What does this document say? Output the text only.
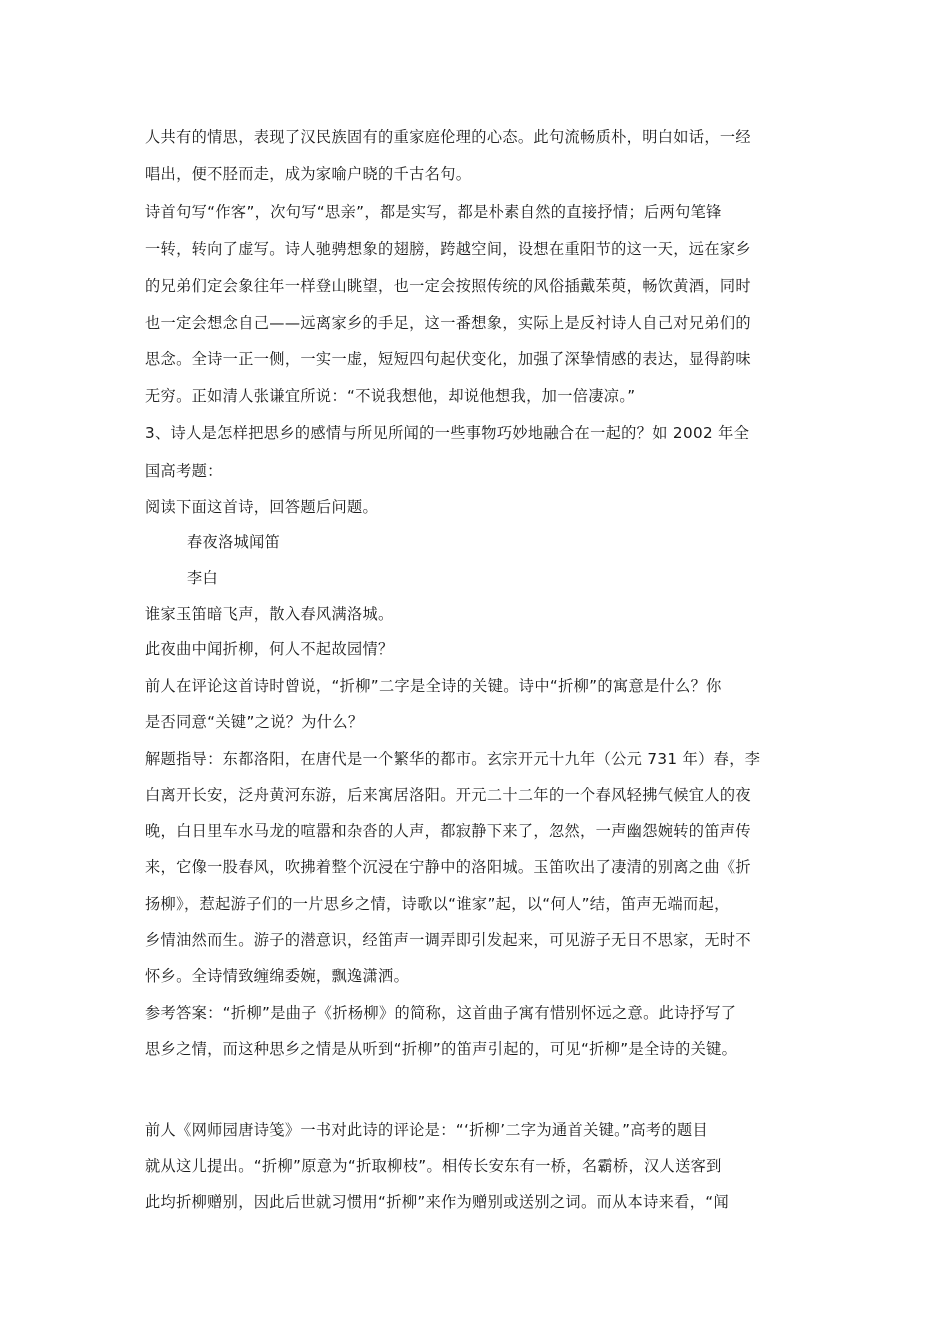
人共有的情思，表现了汉民族固有的重家庭伦理的心态。此句流畅质朴，明白如话，一经
唱出，便不胫而走，成为家喻户晓的千古名句。
诗首句写“作客”，次句写“思亲”，都是实写，都是朴素自然的直接抒情；后两句笔锋
一转，转向了虚写。诗人驰骋想象的翅膀，跨越空间，设想在重阳节的这一天，远在家乡
的兄弟们定会象往年一样登山眺望，也一定会按照传统的风俗插戴茱萸，畅饮黄酒，同时
也一定会想念自己——远离家乡的手足，这一番想象，实际上是反衬诗人自己对兄弟们的
思念。全诗一正一侧，一实一虚，短短四句起伏变化，加强了深挚情感的表达，显得韵味
无穷。正如清人张谦宜所说：“不说我想他，却说他想我，加一倍凄凉。”
3、诗人是怎样把思乡的感情与所见所闻的一些事物巧妙地融合在一起的？如 2002 年全
国高考题：
阅读下面这首诗，回答题后问题。
春夜洛城闻笛
李白
谁家玉笛暗飞声，散入春风满洛城。
此夜曲中闻折柳，何人不起故园情？
前人在评论这首诗时曾说，“折柳”二字是全诗的关键。诗中“折柳”的寓意是什么？你
是否同意“关键”之说？为什么？
解题指导：东都洛阳，在唐代是一个繁华的都市。玄宗开元十九年（公元 731 年）春，李
白离开长安，泛舟黄河东游，后来寓居洛阳。开元二十二年的一个春风轻拂气候宜人的夜
晚，白日里车水马龙的喧嚣和杂沓的人声，都寂静下来了，忽然，一声幽怨婉转的笛声传
来，它像一股春风，吹拂着整个沉浸在宁静中的洛阳城。玉笛吹出了凄清的别离之曲《折
扬柳》，惹起游子们的一片思乡之情，诗歌以“谁家”起，以“何人”结，笛声无端而起，
乡情油然而生。游子的潜意识，经笛声一调弄即引发起来，可见游子无日不思家，无时不
怀乡。全诗情致缠绵委婉，飘逸潇洒。
参考答案：“折柳”是曲子《折杨柳》的简称，这首曲子寓有惜别怀远之意。此诗抒写了
思乡之情，而这种思乡之情是从听到“折柳”的笛声引起的，可见“折柳”是全诗的关键。
前人《网师园唐诗笺》一书对此诗的评论是：“‘折柳’二字为通首关键。”高考的题目
就从这儿提出。“折柳”原意为“折取柳枝”。相传长安东有一桥，名霸桥，汉人送客到
此均折柳赠别，因此后世就习惯用“折柳”来作为赠别或送别之词。而从本诗来看，“闻
